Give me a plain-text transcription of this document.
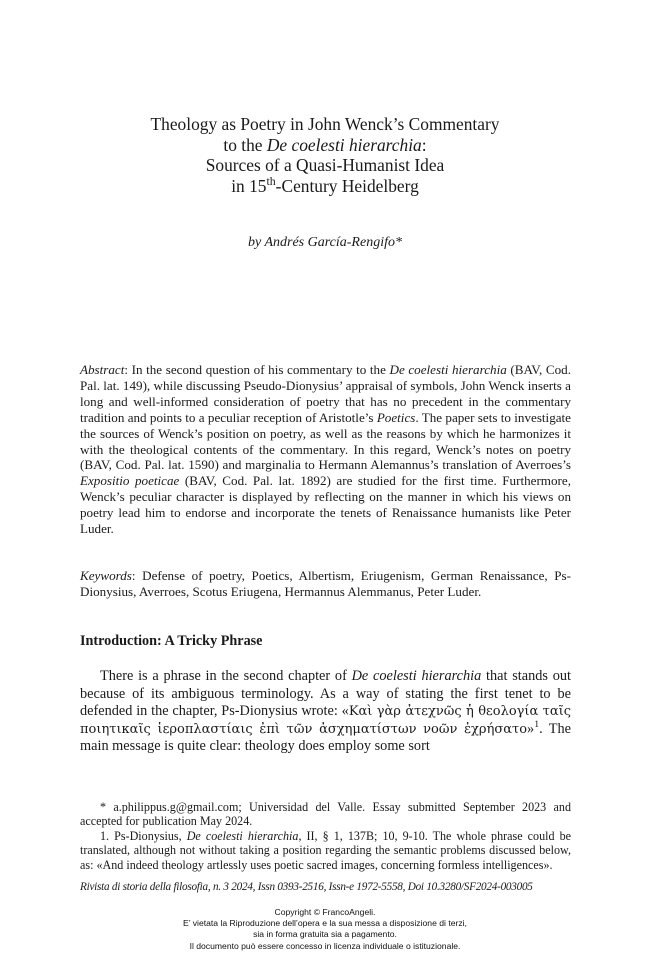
Theology as Poetry in John Wenck’s Commentary
to the De coelesti hierarchia:
Sources of a Quasi-Humanist Idea
in 15th-Century Heidelberg
by Andrés García-Rengifo*

Abstract: In the second question of his commentary to the De coelesti hierarchia (BAV, Cod. Pal. lat. 149), while discussing Pseudo-Dionysius’ appraisal of symbols, John Wenck inserts a long and well-informed consideration of poetry that has no precedent in the commentary tradition and points to a peculiar reception of Aristotle’s Poetics. The paper sets to investigate the sources of Wenck’s position on poetry, as well as the reasons by which he harmonizes it with the theological contents of the commentary. In this regard, Wenck’s notes on poetry (BAV, Cod. Pal. lat. 1590) and marginalia to Hermann Alemannus’s translation of Averroes’s Expositio poeticae (BAV, Cod. Pal. lat. 1892) are studied for the first time. Furthermore, Wenck’s peculiar character is displayed by reflecting on the manner in which his views on poetry lead him to endorse and incorporate the tenets of Renaissance humanists like Peter Luder.

Keywords: Defense of poetry, Poetics, Albertism, Eriugenism, German Renaissance, Ps-Dionysius, Averroes, Scotus Eriugena, Hermannus Alemmanus, Peter Luder.

Introduction: A Tricky Phrase

There is a phrase in the second chapter of De coelesti hierarchia that stands out because of its ambiguous terminology. As a way of stating the first tenet to be defended in the chapter, Ps-Dionysius wrote: «Καὶ γὰρ ἀτεχνῶς ἡ θεολογία ταῖς ποιητικαῖς ἱεροπλαστίαις ἐπὶ τῶν ἀσχηματίστων νοῶν ἐχρήσατο»$^1$. The main message is quite clear: theology does employ some sort

* a.philippus.g@gmail.com; Universidad del Valle. Essay submitted September 2023 and accepted for publication May 2024.

1. Ps-Dionysius, De coelesti hierarchia, II, § 1, 137B; 10, 9-10. The whole phrase could be translated, although not without taking a position regarding the semantic problems discussed below, as: «And indeed theology artlessly uses poetic sacred images, concerning formless intelligences».

Rivista di storia della filosofia, n. 3 2024, Issn 0393-2516, Issn-e 1972-5558, Doi 10.3280/SF2024-003005

Copyright © FrancoAngeli.
E’ vietata la Riproduzione dell’opera e la sua messa a disposizione di terzi,
sia in forma gratuita sia a pagamento.
Il documento può essere concesso in licenza individuale o istituzionale.
